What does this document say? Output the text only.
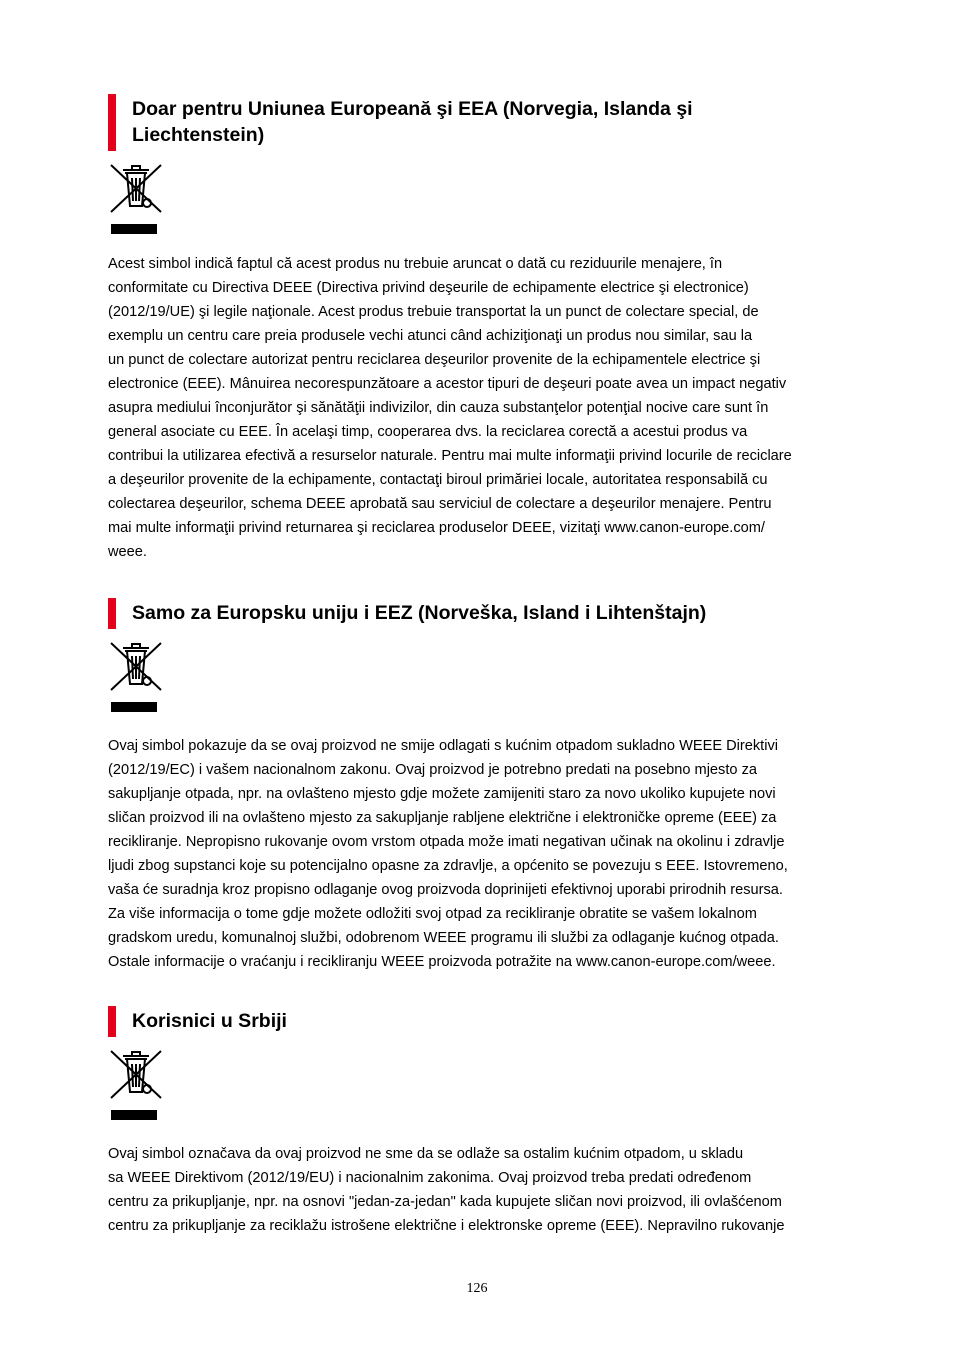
Doar pentru Uniunea Europeană şi EEA (Norvegia, Islanda şi
Liechtenstein)

Acest simbol indică faptul că acest produs nu trebuie aruncat o dată cu reziduurile menajere, în
conformitate cu Directiva DEEE (Directiva privind deşeurile de echipamente electrice şi electronice)
(2012/19/UE) şi legile naţionale. Acest produs trebuie transportat la un punct de colectare special, de
exemplu un centru care preia produsele vechi atunci când achiziţionaţi un produs nou similar, sau la
un punct de colectare autorizat pentru reciclarea deşeurilor provenite de la echipamentele electrice şi
electronice (EEE). Mânuirea necorespunzătoare a acestor tipuri de deşeuri poate avea un impact negativ
asupra mediului înconjurător şi sănătăţii indivizilor, din cauza substanţelor potenţial nocive care sunt în
general asociate cu EEE. În acelaşi timp, cooperarea dvs. la reciclarea corectă a acestui produs va
contribui la utilizarea efectivă a resurselor naturale. Pentru mai multe informaţii privind locurile de reciclare
a deşeurilor provenite de la echipamente, contactaţi biroul primăriei locale, autoritatea responsabilă cu
colectarea deşeurilor, schema DEEE aprobată sau serviciul de colectare a deşeurilor menajere. Pentru
mai multe informaţii privind returnarea şi reciclarea produselor DEEE, vizitaţi www.canon-europe.com/
weee.

Samo za Europsku uniju i EEZ (Norveška, Island i Lihtenštajn)

Ovaj simbol pokazuje da se ovaj proizvod ne smije odlagati s kućnim otpadom sukladno WEEE Direktivi
(2012/19/EC) i vašem nacionalnom zakonu. Ovaj proizvod je potrebno predati na posebno mjesto za
sakupljanje otpada, npr. na ovlašteno mjesto gdje možete zamijeniti staro za novo ukoliko kupujete novi
sličan proizvod ili na ovlašteno mjesto za sakupljanje rabljene električne i elektroničke opreme (EEE) za
recikliranje. Nepropisno rukovanje ovom vrstom otpada može imati negativan učinak na okolinu i zdravlje
ljudi zbog supstanci koje su potencijalno opasne za zdravlje, a općenito se povezuju s EEE. Istovremeno,
vaša će suradnja kroz propisno odlaganje ovog proizvoda doprinijeti efektivnoj uporabi prirodnih resursa.
Za više informacija o tome gdje možete odložiti svoj otpad za recikliranje obratite se vašem lokalnom
gradskom uredu, komunalnoj službi, odobrenom WEEE programu ili službi za odlaganje kućnog otpada.
Ostale informacije o vraćanju i recikliranju WEEE proizvoda potražite na www.canon-europe.com/weee.

Korisnici u Srbiji

Ovaj simbol označava da ovaj proizvod ne sme da se odlaže sa ostalim kućnim otpadom, u skladu
sa WEEE Direktivom (2012/19/EU) i nacionalnim zakonima. Ovaj proizvod treba predati određenom
centru za prikupljanje, npr. na osnovi "jedan-za-jedan" kada kupujete sličan novi proizvod, ili ovlašćenom
centru za prikupljanje za reciklažu istrošene električne i elektronske opreme (EEE). Nepravilno rukovanje

126
